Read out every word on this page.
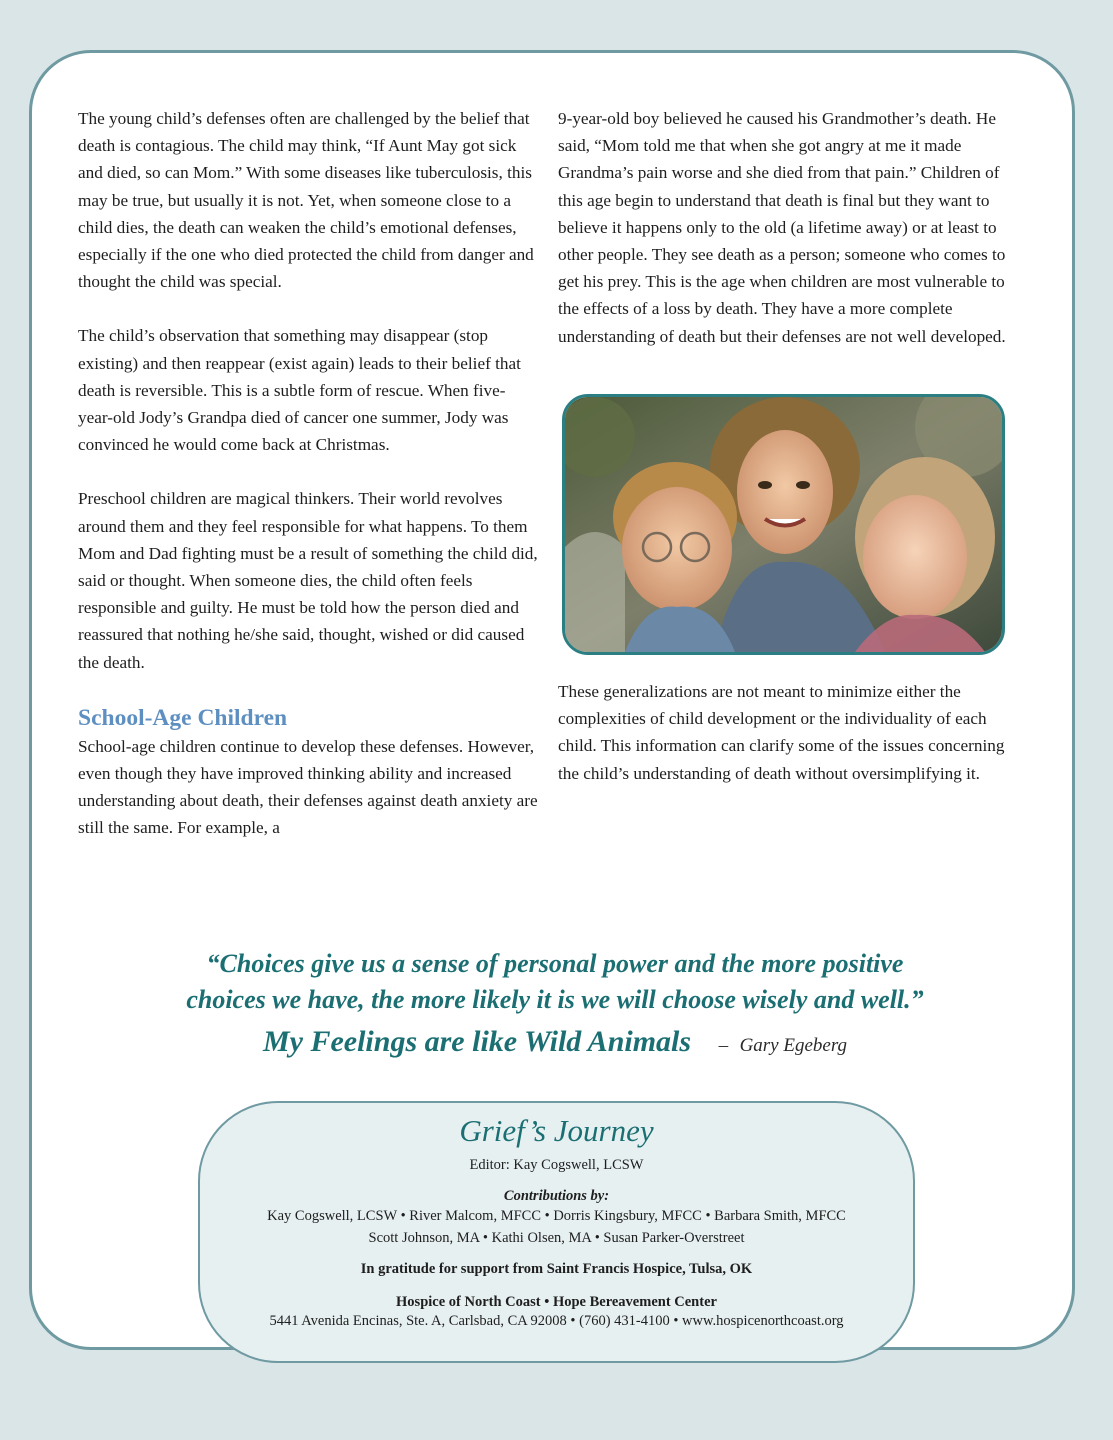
The young child’s defenses often are challenged by the belief that death is contagious. The child may think, “If Aunt May got sick and died, so can Mom.” With some diseases like tuberculosis, this may be true, but usually it is not. Yet, when someone close to a child dies, the death can weaken the child’s emotional defenses, especially if the one who died protected the child from danger and thought the child was special.

The child’s observation that something may disappear (stop existing) and then reappear (exist again) leads to their belief that death is reversible. This is a subtle form of rescue. When five-year-old Jody’s Grandpa died of cancer one summer, Jody was convinced he would come back at Christmas.

Preschool children are magical thinkers. Their world revolves around them and they feel responsible for what happens. To them Mom and Dad fighting must be a result of something the child did, said or thought. When someone dies, the child often feels responsible and guilty. He must be told how the person died and reassured that nothing he/she said, thought, wished or did caused the death.

School-Age Children

School-age children continue to develop these defenses. However, even though they have improved thinking ability and increased understanding about death, their defenses against death anxiety are still the same. For example, a

9-year-old boy believed he caused his Grandmother’s death. He said, “Mom told me that when she got angry at me it made Grandma’s pain worse and she died from that pain.” Children of this age begin to understand that death is final but they want to believe it happens only to the old (a lifetime away) or at least to other people. They see death as a person; someone who comes to get his prey. This is the age when children are most vulnerable to the effects of a loss by death. They have a more complete understanding of death but their defenses are not well developed.

These generalizations are not meant to minimize either the complexities of child development or the individuality of each child. This information can clarify some of the issues concerning the child’s understanding of death without oversimplifying it.

“Choices give us a sense of personal power and the more positive
choices we have, the more likely it is we will choose wisely and well.”
My Feelings are like Wild Animals – Gary Egeberg
Grief’s Journey
Editor: Kay Cogswell, LCSW
Contributions by:
Kay Cogswell, LCSW • River Malcom, MFCC • Dorris Kingsbury, MFCC • Barbara Smith, MFCC
Scott Johnson, MA • Kathi Olsen, MA • Susan Parker-Overstreet
In gratitude for support from Saint Francis Hospice, Tulsa, OK
Hospice of North Coast • Hope Bereavement Center
5441 Avenida Encinas, Ste. A, Carlsbad, CA 92008 • (760) 431-4100 • www.hospicenorthcoast.org
